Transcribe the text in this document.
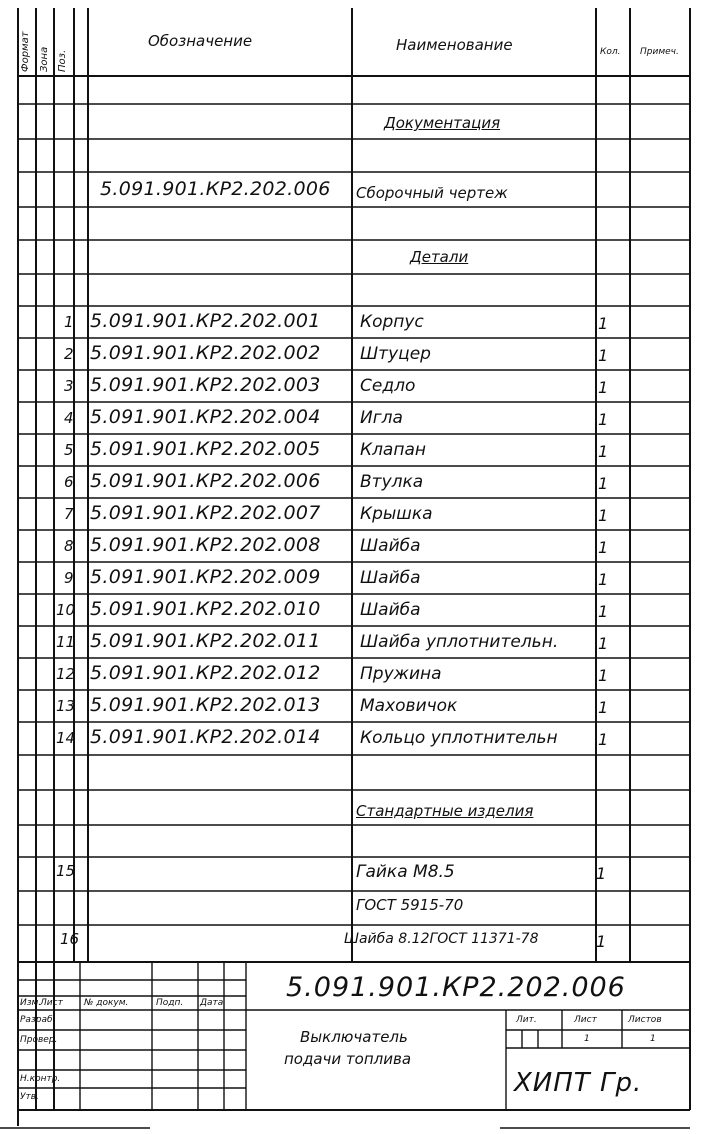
Формат Зона Поз.
Обозначение	Наименование	Кол. Примеч.
Документация
5.091.901.КР2.202.006 Сборочный чертеж
Детали
1 5.091.901.КР2.202.001 Корпус	1
2 5.091.901.КР2.202.002 Штуцер	1
3 5.091.901.КР2.202.003 Седло	1
4 5.091.901.КР2.202.004 Игла	1
5 5.091.901.КР2.202.005 Клапан	1
6 5.091.901.КР2.202.006 Втулка	1
7 5.091.901.КР2.202.007 Крышка	1
8 5.091.901.КР2.202.008 Шайба	1
9 5.091.901.КР2.202.009 Шайба	1
10 5.091.901.КР2.202.010 Шайба	1
11 5.091.901.КР2.202.011 Шайба уплотнительн. 1
12 5.091.901.КР2.202.012 Пружина	1
13 5.091.901.КР2.202.013 Маховичок	1
14 5.091.901.КР2.202.014 Кольцо уплотнительн	1
Стандартные изделия
15	Гайка М8.5	1
ГОСТ 5915-70
16	Шайба 8.12ГОСТ 11371-78	1
5.091.901.КР2.202.006
Изм.
Лист № докум.	Подп. Дата
Разраб.
Провер.
Н.контр.
Утв.
Выключатель
подачи топлива
Лит.	Лист	Листов
1	1
ХИПТ Гр.
